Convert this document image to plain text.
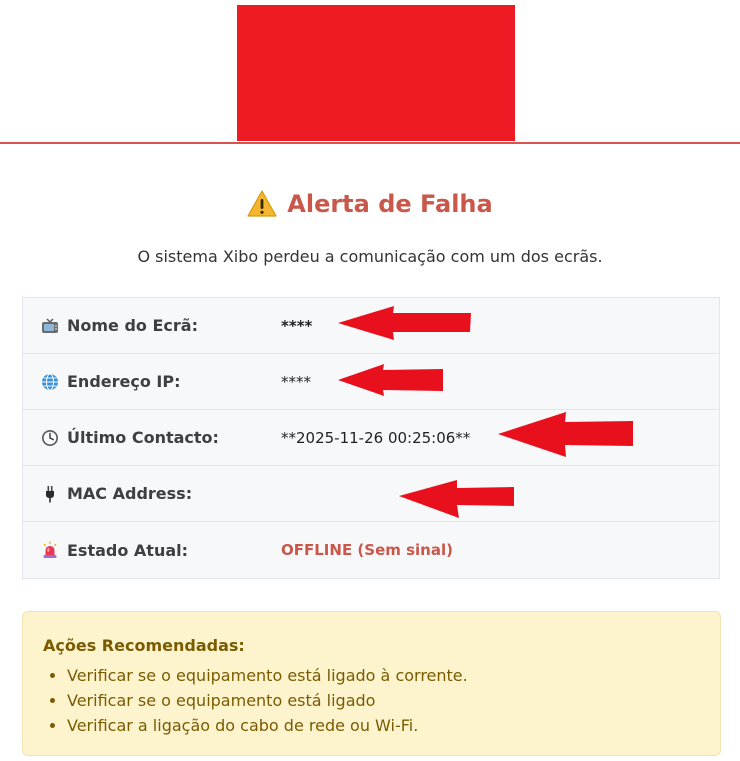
Alerta de Falha
O sistema Xibo perdeu a comunicação com um dos ecrãs.
Nome do Ecrã:	****
Endereço IP:	****
Último Contacto:	**2025-11-26 00:25:06**
MAC Address:
Estado Atual:	OFFLINE (Sem sinal)
Ações Recomendadas:
• Verificar se o equipamento está ligado à corrente.
• Verificar se o equipamento está ligado
• Verificar a ligação do cabo de rede ou Wi-Fi.
